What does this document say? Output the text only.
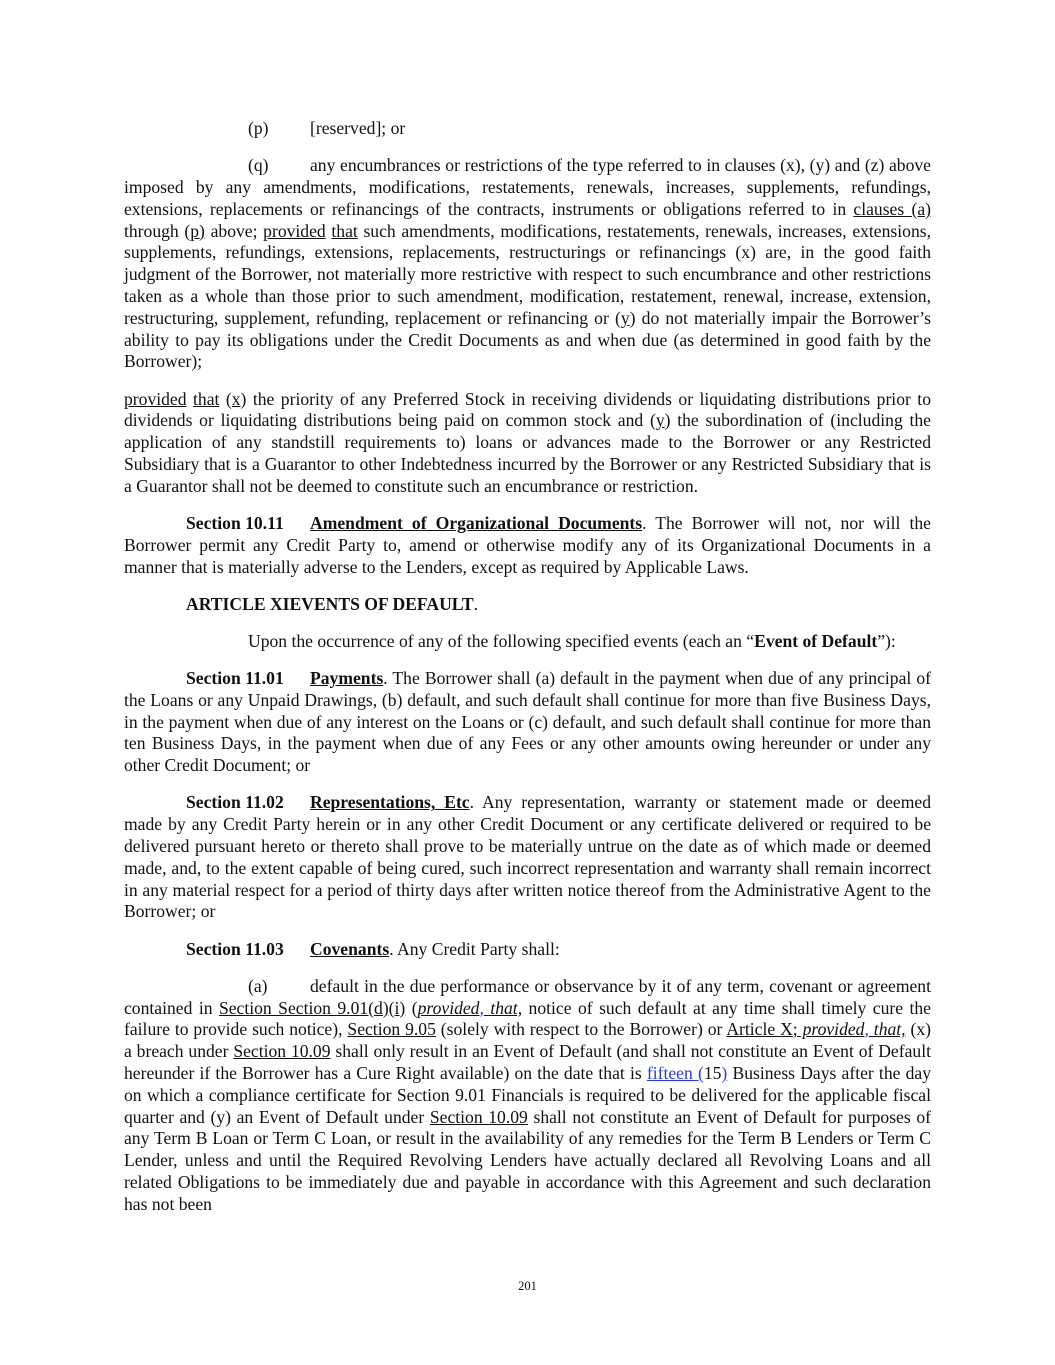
(p) [reserved]; or

(q) any encumbrances or restrictions of the type referred to in clauses (x), (y) and (z) above imposed by any amendments, modifications, restatements, renewals, increases, supplements, refundings, extensions, replacements or refinancings of the contracts, instruments or obligations referred to in clauses (a) through (p) above; provided that such amendments, modifications, restatements, renewals, increases, extensions, supplements, refundings, extensions, replacements, restructurings or refinancings (x) are, in the good faith judgment of the Borrower, not materially more restrictive with respect to such encumbrance and other restrictions taken as a whole than those prior to such amendment, modification, restatement, renewal, increase, extension, restructuring, supplement, refunding, replacement or refinancing or (y) do not materially impair the Borrower’s ability to pay its obligations under the Credit Documents as and when due (as determined in good faith by the Borrower);

provided that (x) the priority of any Preferred Stock in receiving dividends or liquidating distributions prior to dividends or liquidating distributions being paid on common stock and (y) the subordination of (including the application of any standstill requirements to) loans or advances made to the Borrower or any Restricted Subsidiary that is a Guarantor to other Indebtedness incurred by the Borrower or any Restricted Subsidiary that is a Guarantor shall not be deemed to constitute such an encumbrance or restriction.

Section 10.11 Amendment of Organizational Documents. The Borrower will not, nor will the Borrower permit any Credit Party to, amend or otherwise modify any of its Organizational Documents in a manner that is materially adverse to the Lenders, except as required by Applicable Laws.

ARTICLE XIEVENTS OF DEFAULT.

Upon the occurrence of any of the following specified events (each an “Event of Default”):

Section 11.01 Payments. The Borrower shall (a) default in the payment when due of any principal of the Loans or any Unpaid Drawings, (b) default, and such default shall continue for more than five Business Days, in the payment when due of any interest on the Loans or (c) default, and such default shall continue for more than ten Business Days, in the payment when due of any Fees or any other amounts owing hereunder or under any other Credit Document; or

Section 11.02 Representations, Etc. Any representation, warranty or statement made or deemed made by any Credit Party herein or in any other Credit Document or any certificate delivered or required to be delivered pursuant hereto or thereto shall prove to be materially untrue on the date as of which made or deemed made, and, to the extent capable of being cured, such incorrect representation and warranty shall remain incorrect in any material respect for a period of thirty days after written notice thereof from the Administrative Agent to the Borrower; or

Section 11.03 Covenants. Any Credit Party shall:

(a) default in the due performance or observance by it of any term, covenant or agreement contained in Section Section 9.01(d)(i) (provided, that, notice of such default at any time shall timely cure the failure to provide such notice), Section 9.05 (solely with respect to the Borrower) or Article X; provided, that, (x) a breach under Section 10.09 shall only result in an Event of Default (and shall not constitute an Event of Default hereunder if the Borrower has a Cure Right available) on the date that is fifteen (15) Business Days after the day on which a compliance certificate for Section 9.01 Financials is required to be delivered for the applicable fiscal quarter and (y) an Event of Default under Section 10.09 shall not constitute an Event of Default for purposes of any Term B Loan or Term C Loan, or result in the availability of any remedies for the Term B Lenders or Term C Lender, unless and until the Required Revolving Lenders have actually declared all Revolving Loans and all related Obligations to be immediately due and payable in accordance with this Agreement and such declaration has not been

201
